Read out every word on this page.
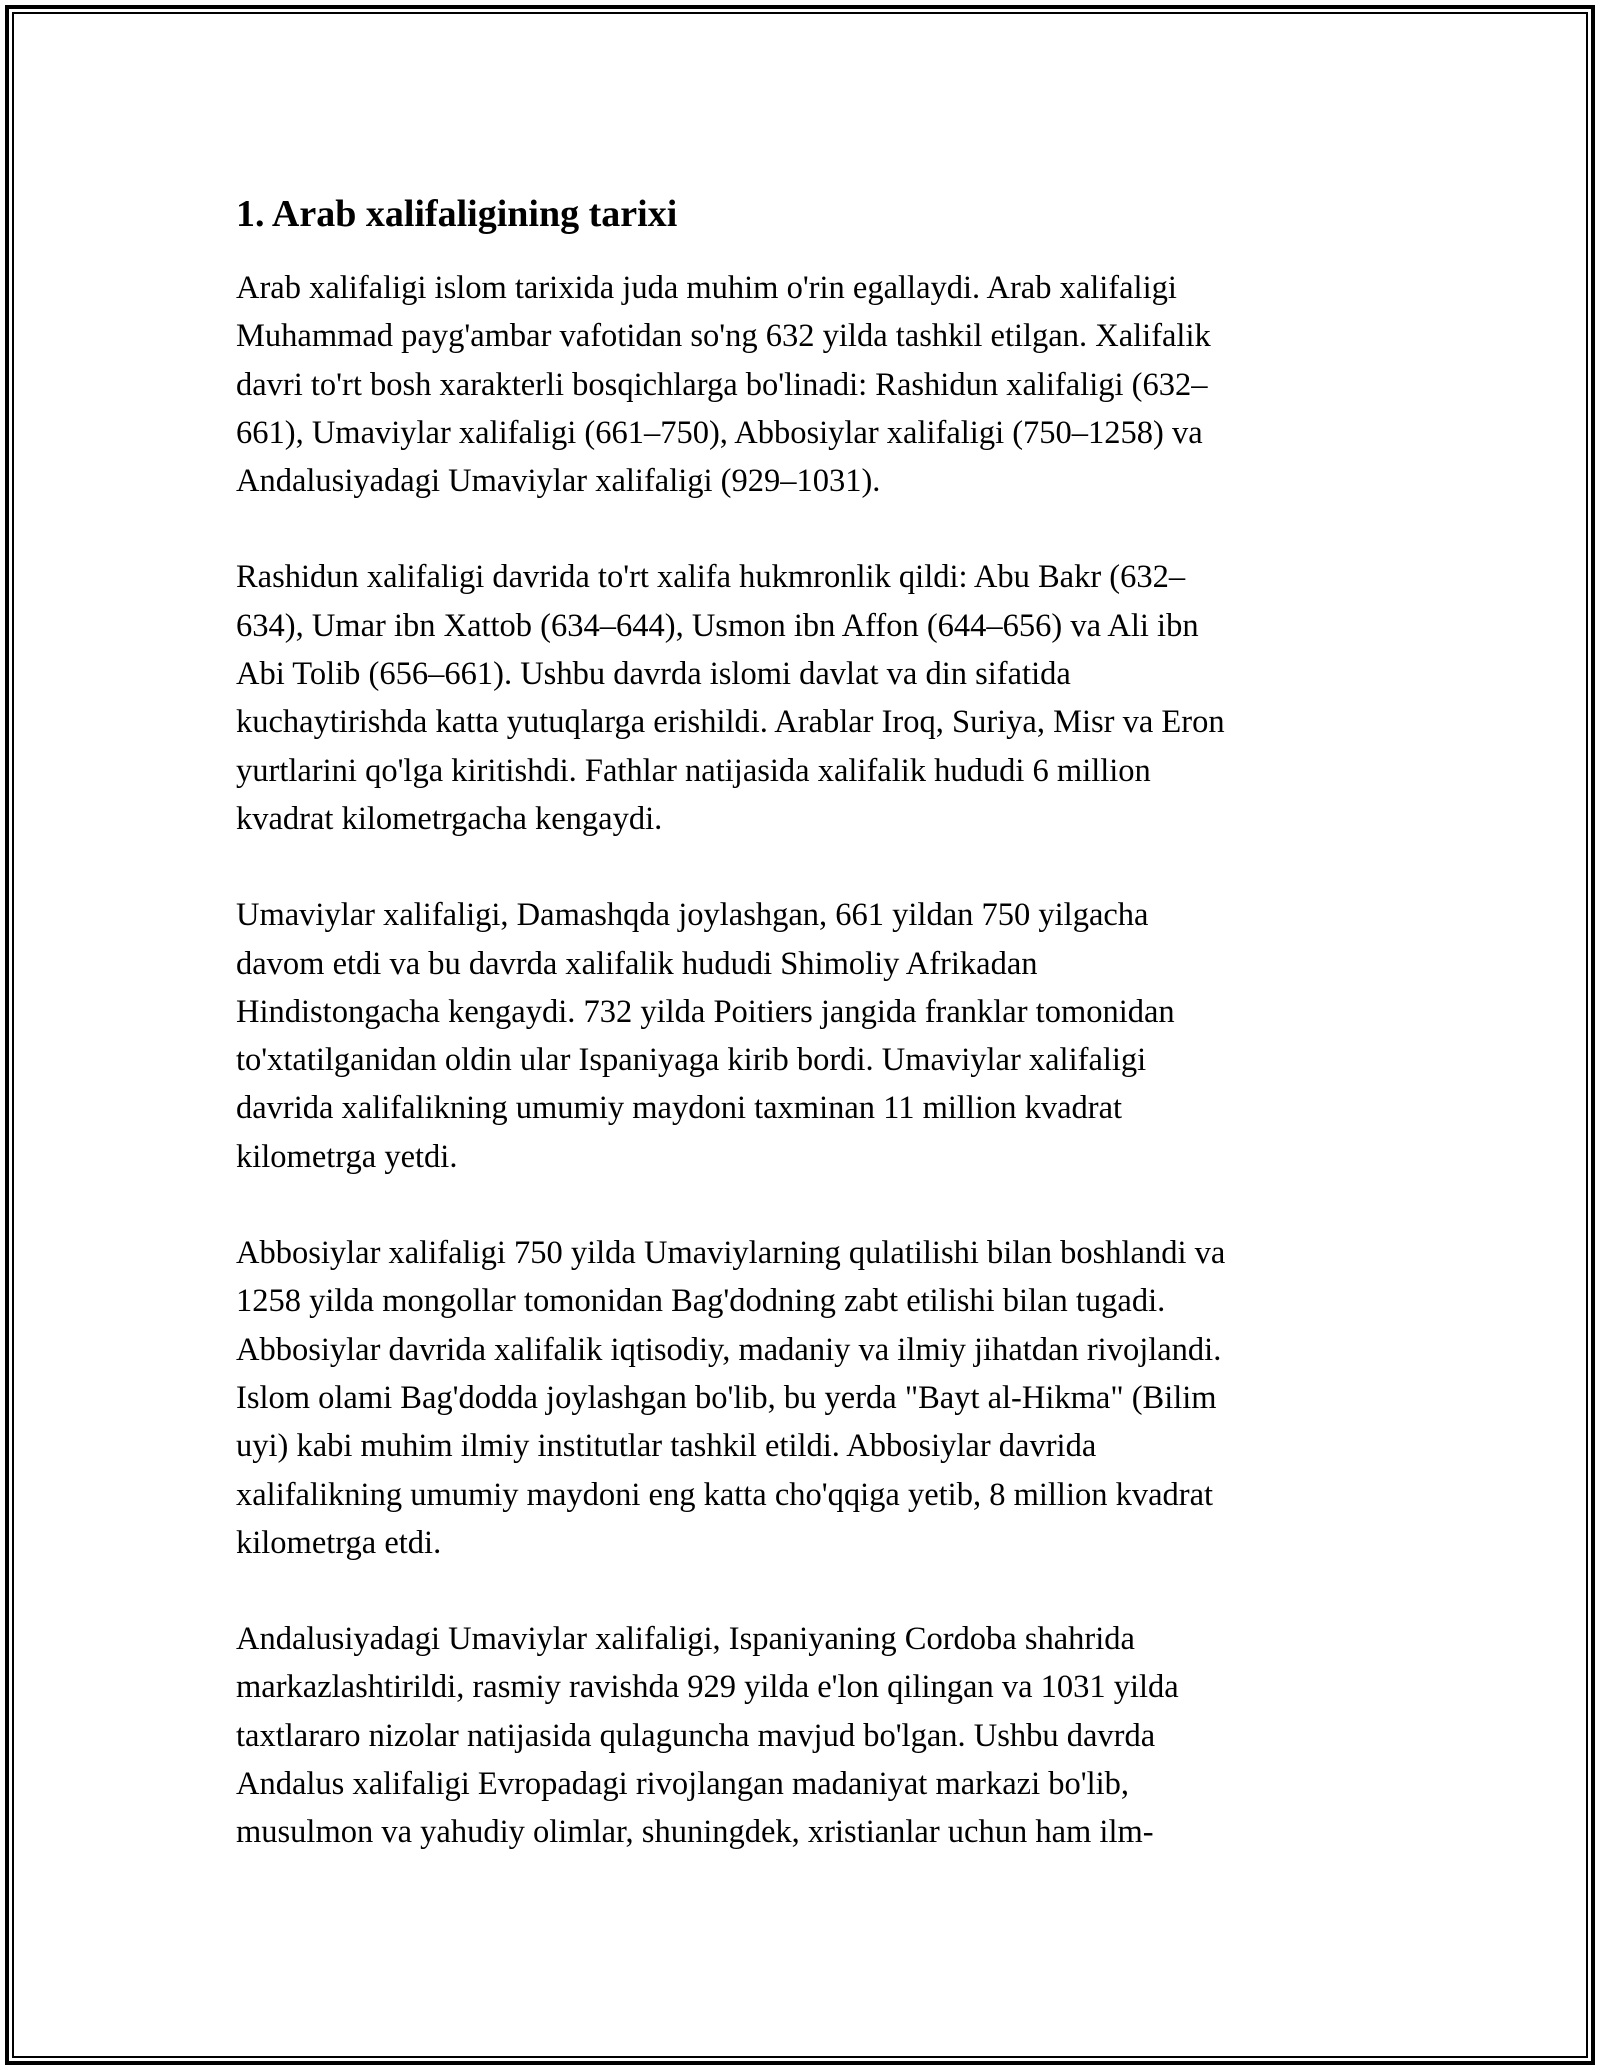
1. Arab xalifaligining tarixi

Arab xalifaligi islom tarixida juda muhim o'rin egallaydi. Arab xalifaligi
Muhammad payg'ambar vafotidan so'ng 632 yilda tashkil etilgan. Xalifalik
davri to'rt bosh xarakterli bosqichlarga bo'linadi: Rashidun xalifaligi (632–
661), Umaviylar xalifaligi (661–750), Abbosiylar xalifaligi (750–1258) va
Andalusiyadagi Umaviylar xalifaligi (929–1031).

Rashidun xalifaligi davrida to'rt xalifa hukmronlik qildi: Abu Bakr (632–
634), Umar ibn Xattob (634–644), Usmon ibn Affon (644–656) va Ali ibn
Abi Tolib (656–661). Ushbu davrda islomi davlat va din sifatida
kuchaytirishda katta yutuqlarga erishildi. Arablar Iroq, Suriya, Misr va Eron
yurtlarini qo'lga kiritishdi. Fathlar natijasida xalifalik hududi 6 million
kvadrat kilometrgacha kengaydi.

Umaviylar xalifaligi, Damashqda joylashgan, 661 yildan 750 yilgacha
davom etdi va bu davrda xalifalik hududi Shimoliy Afrikadan
Hindistongacha kengaydi. 732 yilda Poitiers jangida franklar tomonidan
to'xtatilganidan oldin ular Ispaniyaga kirib bordi. Umaviylar xalifaligi
davrida xalifalikning umumiy maydoni taxminan 11 million kvadrat
kilometrga yetdi.

Abbosiylar xalifaligi 750 yilda Umaviylarning qulatilishi bilan boshlandi va
1258 yilda mongollar tomonidan Bag'dodning zabt etilishi bilan tugadi.
Abbosiylar davrida xalifalik iqtisodiy, madaniy va ilmiy jihatdan rivojlandi.
Islom olami Bag'dodda joylashgan bo'lib, bu yerda "Bayt al-Hikma" (Bilim
uyi) kabi muhim ilmiy institutlar tashkil etildi. Abbosiylar davrida
xalifalikning umumiy maydoni eng katta cho'qqiga yetib, 8 million kvadrat
kilometrga etdi.

Andalusiyadagi Umaviylar xalifaligi, Ispaniyaning Cordoba shahrida
markazlashtirildi, rasmiy ravishda 929 yilda e'lon qilingan va 1031 yilda
taxtlararo nizolar natijasida qulaguncha mavjud bo'lgan. Ushbu davrda
Andalus xalifaligi Evropadagi rivojlangan madaniyat markazi bo'lib,
musulmon va yahudiy olimlar, shuningdek, xristianlar uchun ham ilm-
